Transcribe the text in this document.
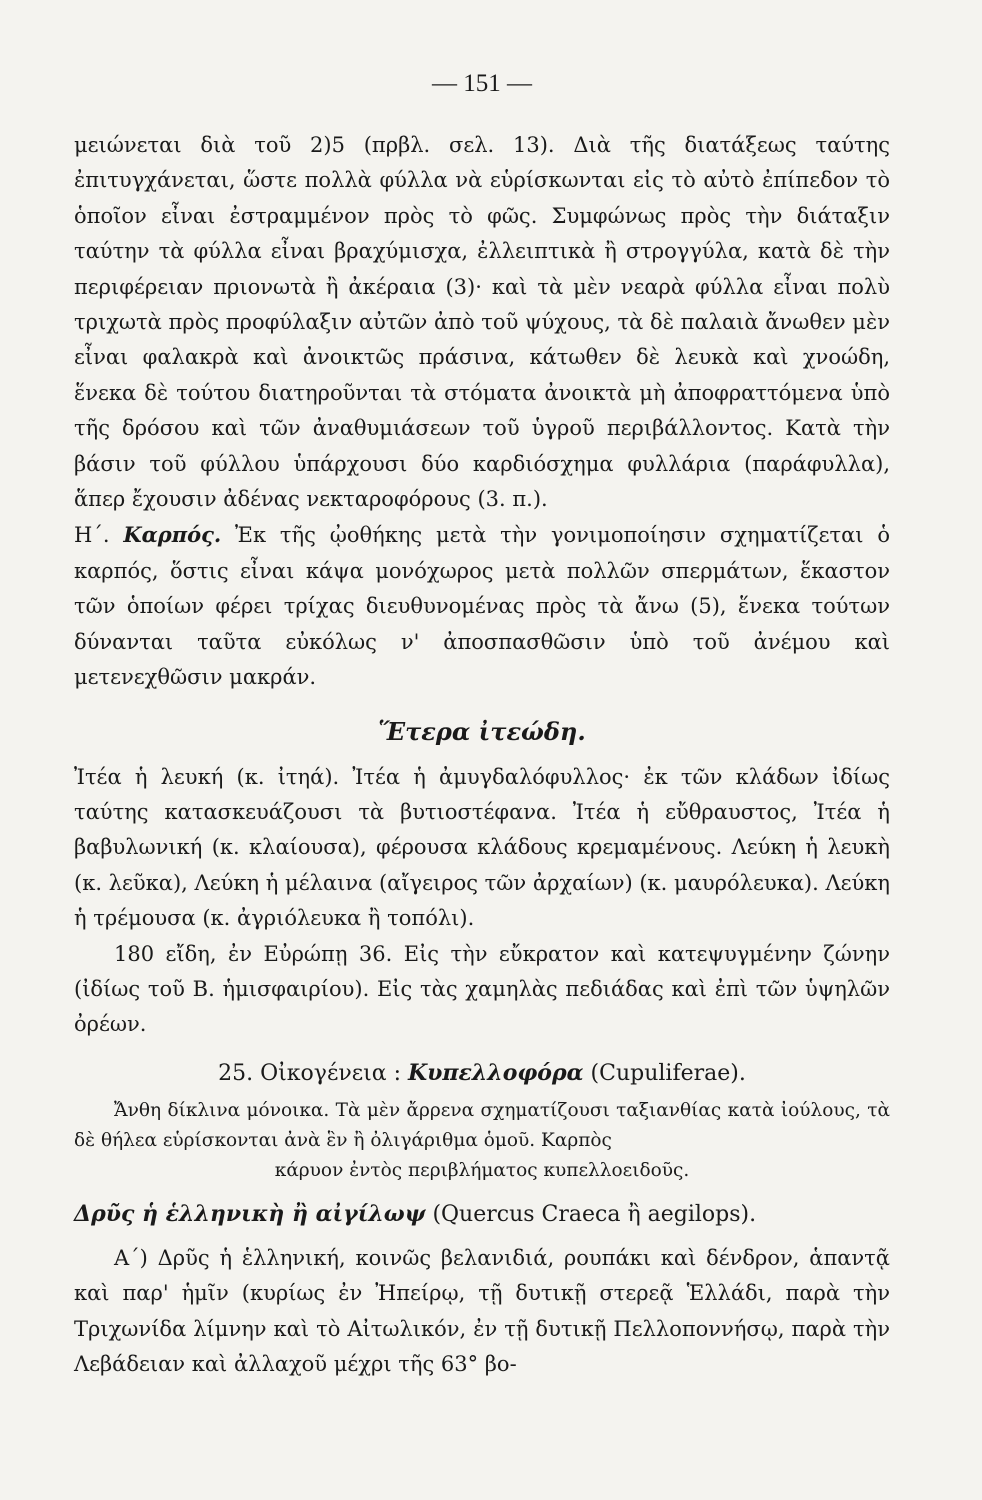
— 151 —

μειώνεται διὰ τοῦ 2)5 (πρβλ. σελ. 13). Διὰ τῆς διατάξεως ταύτης ἐπιτυγχάνεται, ὥστε πολλὰ φύλλα νὰ εὑρίσκωνται εἰς τὸ αὐτὸ ἐπίπεδον τὸ ὁποῖον εἶναι ἐστραμμένον πρὸς τὸ φῶς. Συμφώνως πρὸς τὴν διάταξιν ταύτην τὰ φύλλα εἶναι βραχύμισχα, ἐλλειπτικὰ ἢ στρογγύλα, κατὰ δὲ τὴν περιφέρειαν πριονωτὰ ἢ ἀκέραια (3)· καὶ τὰ μὲν νεαρὰ φύλλα εἶναι πολὺ τριχωτὰ πρὸς προφύλαξιν αὐτῶν ἀπὸ τοῦ ψύχους, τὰ δὲ παλαιὰ ἄνωθεν μὲν εἶναι φαλακρὰ καὶ ἀνοικτῶς πράσινα, κάτωθεν δὲ λευκὰ καὶ χνοώδη, ἕνεκα δὲ τούτου διατηροῦνται τὰ στόματα ἀνοικτὰ μὴ ἀποφραττόμενα ὑπὸ τῆς δρόσου καὶ τῶν ἀναθυμιάσεων τοῦ ὑγροῦ περιβάλλοντος. Κατὰ τὴν βάσιν τοῦ φύλλου ὑπάρχουσι δύο καρδιόσχημα φυλλάρια (παράφυλλα), ἅπερ ἔχουσιν ἀδένας νεκταροφόρους (3. π.).

Η΄. Καρπός. Ἐκ τῆς ᾠοθήκης μετὰ τὴν γονιμοποίησιν σχηματίζεται ὁ καρπός, ὅστις εἶναι κάψα μονόχωρος μετὰ πολλῶν σπερμάτων, ἕκαστον τῶν ὁποίων φέρει τρίχας διευθυνομένας πρὸς τὰ ἄνω (5), ἕνεκα τούτων δύνανται ταῦτα εὐκόλως ν' ἀποσπασθῶσιν ὑπὸ τοῦ ἀνέμου καὶ μετενεχθῶσιν μακράν.

Ἕτερα ἰτεώδη.

Ἰτέα ἡ λευκή (κ. ἰτηά). Ἰτέα ἡ ἀμυγδαλόφυλλος· ἐκ τῶν κλάδων ἰδίως ταύτης κατασκευάζουσι τὰ βυτιοστέφανα. Ἰτέα ἡ εὔθραυστος, Ἰτέα ἡ βαβυλωνική (κ. κλαίουσα), φέρουσα κλάδους κρεμαμένους. Λεύκη ἡ λευκὴ (κ. λεῦκα), Λεύκη ἡ μέλαινα (αἴγειρος τῶν ἀρχαίων) (κ. μαυρόλευκα). Λεύκη ἡ τρέμουσα (κ. ἀγριόλευκα ἢ τοπόλι).

180 εἴδη, ἐν Εὐρώπῃ 36. Εἰς τὴν εὔκρατον καὶ κατεψυγμένην ζώνην (ἰδίως τοῦ Β. ἡμισφαιρίου). Εἰς τὰς χαμηλὰς πεδιάδας καὶ ἐπὶ τῶν ὑψηλῶν ὀρέων.

25. Οἰκογένεια : Κυπελλοφόρα (Cupuliferae).

Ἄνθη δίκλινα μόνοικα. Τὰ μὲν ἄρρενα σχηματίζουσι ταξιανθίας κατὰ ἰούλους, τὰ δὲ θήλεα εὑρίσκονται ἀνὰ ἓν ἢ ὀλιγάριθμα ὁμοῦ. Καρπὸς

κάρυον ἐντὸς περιβλήματος κυπελλοειδοῦς.

Δρῦς ἡ ἑλληνικὴ ἢ αἰγίλωψ (Quercus Craeca ἢ aegilops).

Α΄) Δρῦς ἡ ἑλληνική, κοινῶς βελανιδιά, ρουπάκι καὶ δένδρον, ἁπαντᾷ καὶ παρ' ἡμῖν (κυρίως ἐν Ἠπείρῳ, τῇ δυτικῇ στερεᾷ Ἑλλάδι, παρὰ τὴν Τριχωνίδα λίμνην καὶ τὸ Αἰτωλικόν, ἐν τῇ δυτικῇ Πελλοποννήσῳ, παρὰ τὴν Λεβάδειαν καὶ ἀλλαχοῦ μέχρι τῆς 63° βο-
